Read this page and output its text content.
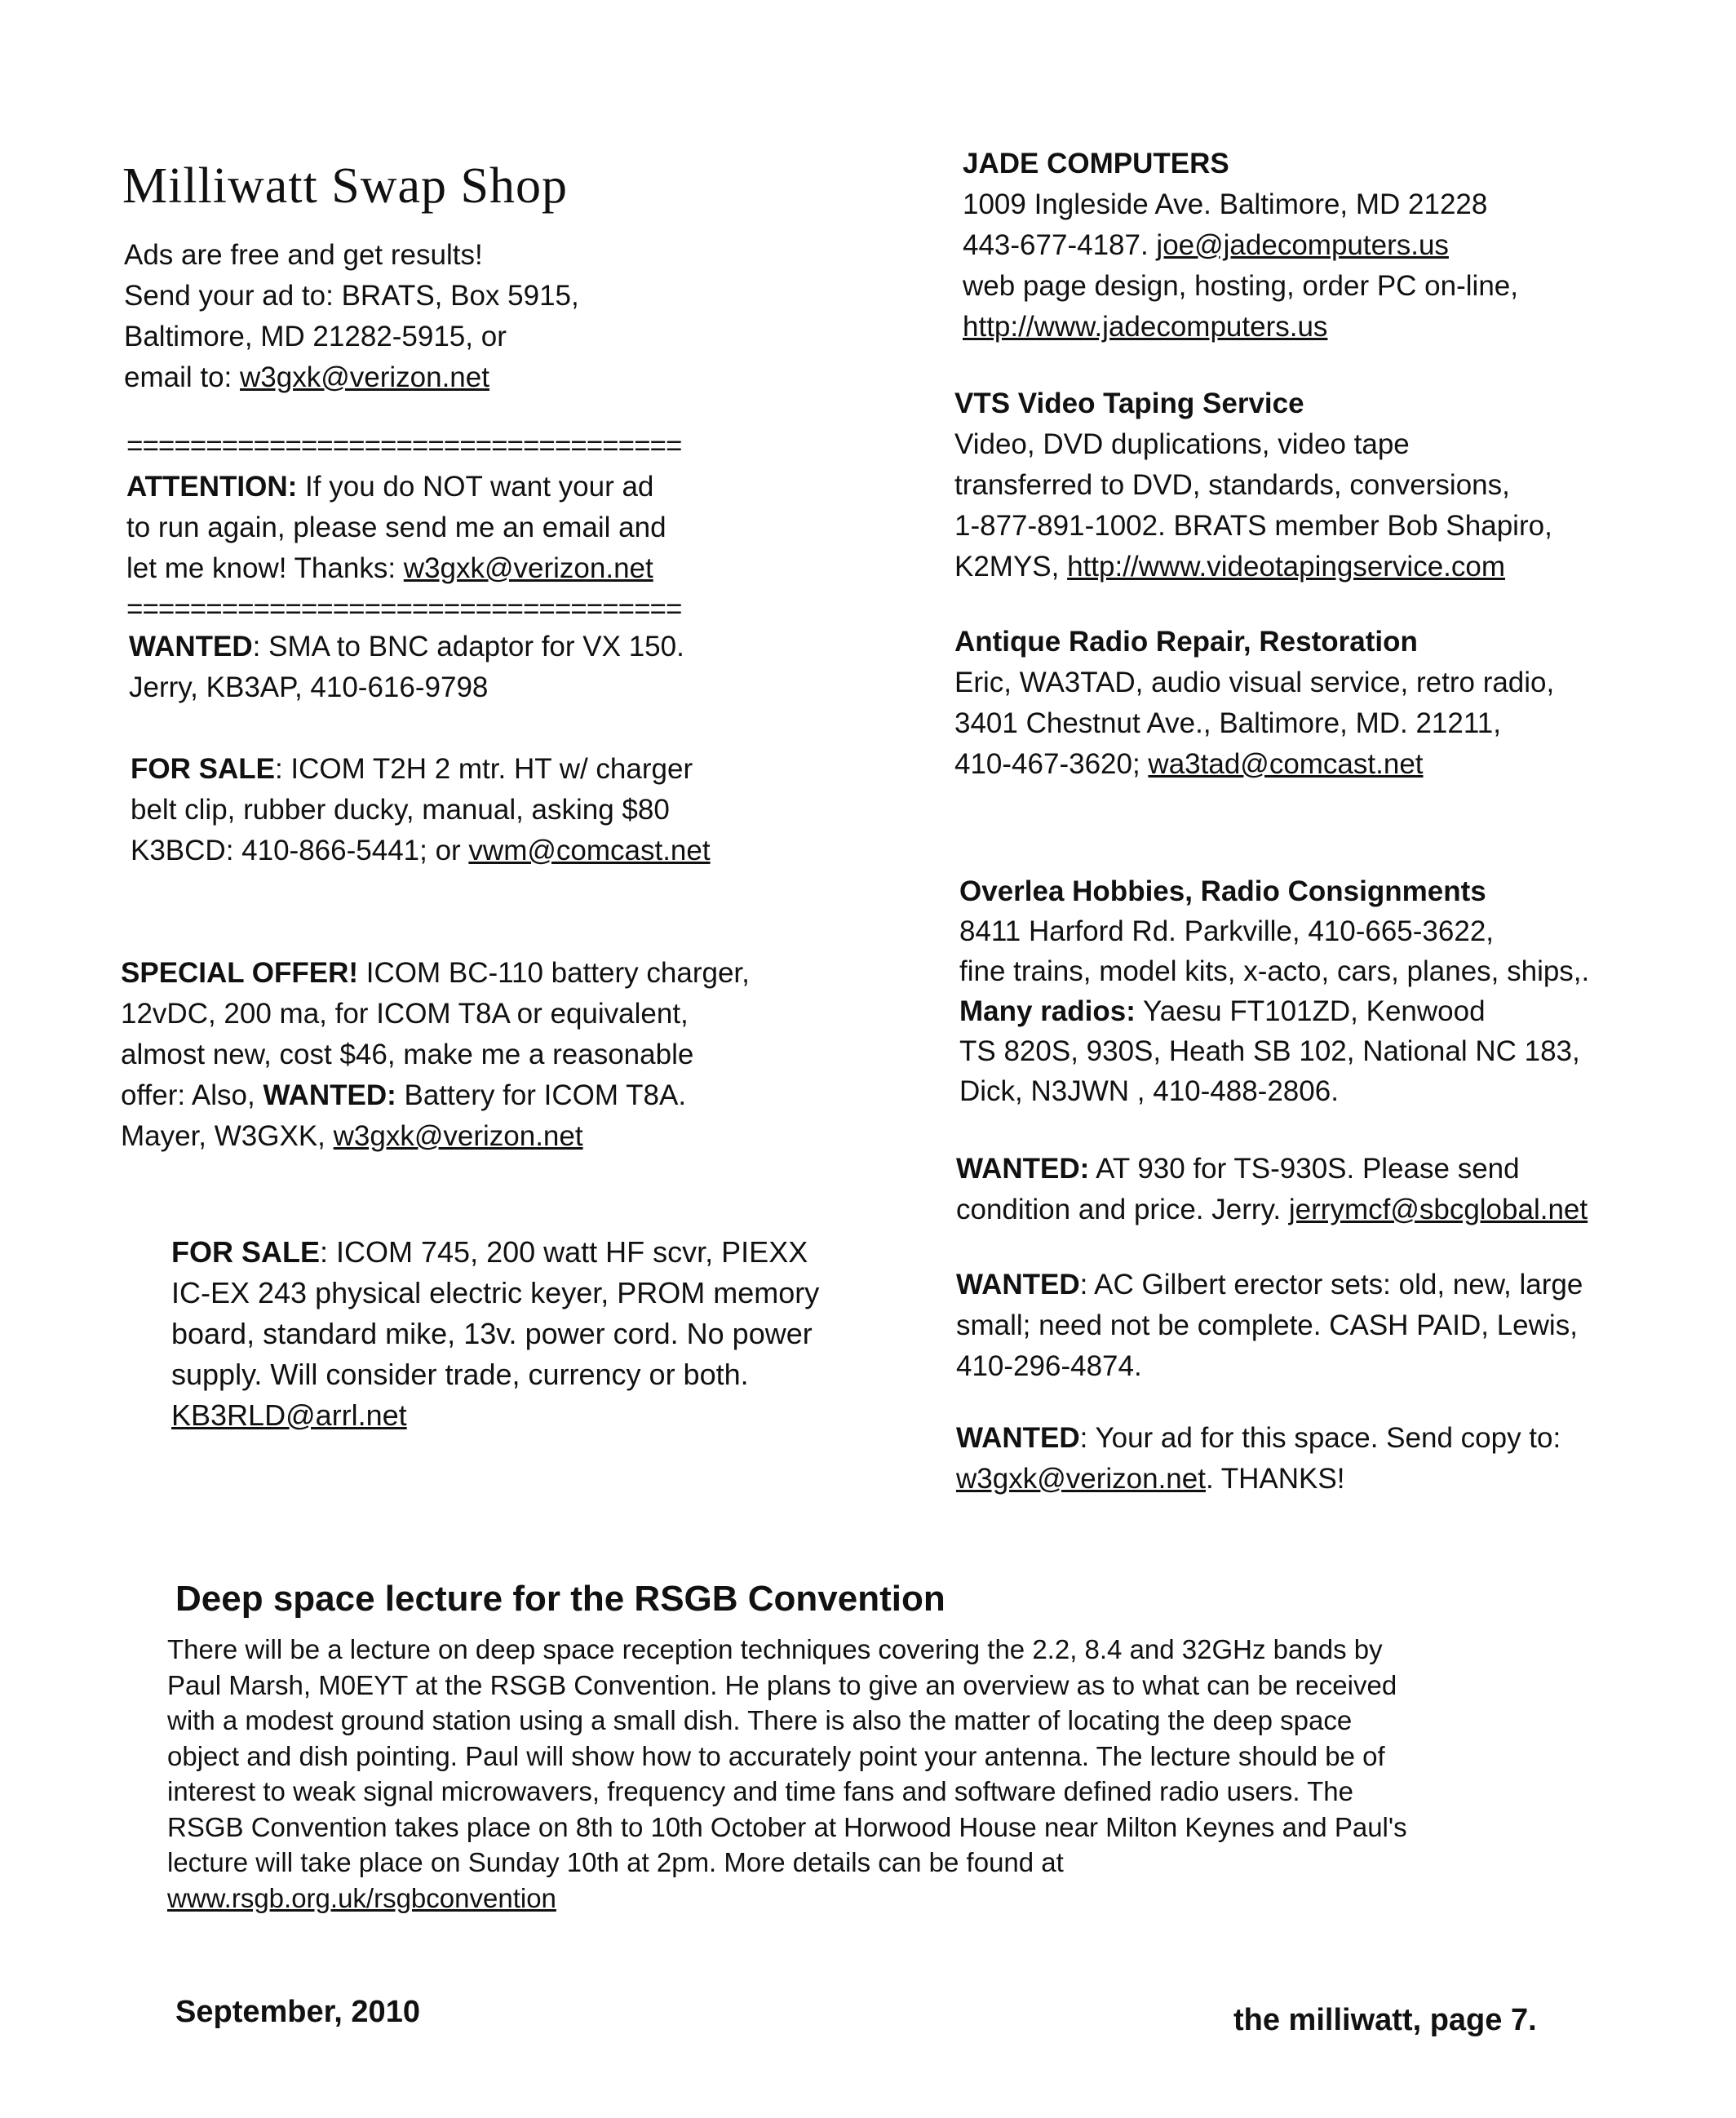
Milliwatt Swap Shop
Ads are free and get results!
Send your ad to: BRATS, Box 5915,
Baltimore, MD 21282-5915, or
email to: w3gxk@verizon.net
===================================
ATTENTION: If you do NOT want your ad
to run again, please send me an email and
let me know! Thanks: w3gxk@verizon.net
===================================
WANTED: SMA to BNC adaptor for VX 150.
Jerry, KB3AP, 410-616-9798
FOR SALE: ICOM T2H 2 mtr. HT w/ charger
belt clip, rubber ducky, manual, asking $80
K3BCD: 410-866-5441; or vwm@comcast.net
SPECIAL OFFER! ICOM BC-110 battery charger,
12vDC, 200 ma, for ICOM T8A or equivalent,
almost new, cost $46, make me a reasonable
offer: Also, WANTED: Battery for ICOM T8A.
Mayer, W3GXK, w3gxk@verizon.net
FOR SALE: ICOM 745, 200 watt HF scvr, PIEXX
IC-EX 243 physical electric keyer, PROM memory
board, standard mike, 13v. power cord. No power
supply. Will consider trade, currency or both.
KB3RLD@arrl.net
JADE COMPUTERS
1009 Ingleside Ave. Baltimore, MD 21228
443-677-4187. joe@jadecomputers.us
web page design, hosting, order PC on-line,
http://www.jadecomputers.us
VTS Video Taping Service
Video, DVD duplications, video tape
transferred to DVD, standards, conversions,
1-877-891-1002. BRATS member Bob Shapiro,
K2MYS, http://www.videotapingservice.com
Antique Radio Repair, Restoration
Eric, WA3TAD, audio visual service, retro radio,
3401 Chestnut Ave., Baltimore, MD. 21211,
410-467-3620; wa3tad@comcast.net
Overlea Hobbies, Radio Consignments
8411 Harford Rd. Parkville, 410-665-3622,
fine trains, model kits, x-acto, cars, planes, ships,.
Many radios: Yaesu FT101ZD, Kenwood
TS 820S, 930S, Heath SB 102, National NC 183,
Dick, N3JWN , 410-488-2806.
WANTED: AT 930 for TS-930S. Please send
condition and price. Jerry. jerrymcf@sbcglobal.net
WANTED: AC Gilbert erector sets: old, new, large
small; need not be complete. CASH PAID, Lewis,
410-296-4874.
WANTED: Your ad for this space. Send copy to:
w3gxk@verizon.net. THANKS!
Deep space lecture for the RSGB Convention
There will be a lecture on deep space reception techniques covering the 2.2, 8.4 and 32GHz bands by
Paul Marsh, M0EYT at the RSGB Convention. He plans to give an overview as to what can be received
with a modest ground station using a small dish. There is also the matter of locating the deep space
object and dish pointing. Paul will show how to accurately point your antenna. The lecture should be of
interest to weak signal microwavers, frequency and time fans and software defined radio users. The
RSGB Convention takes place on 8th to 10th October at Horwood House near Milton Keynes and Paul's
lecture will take place on Sunday 10th at 2pm. More details can be found at
www.rsgb.org.uk/rsgbconvention
September, 2010	the milliwatt, page 7.
